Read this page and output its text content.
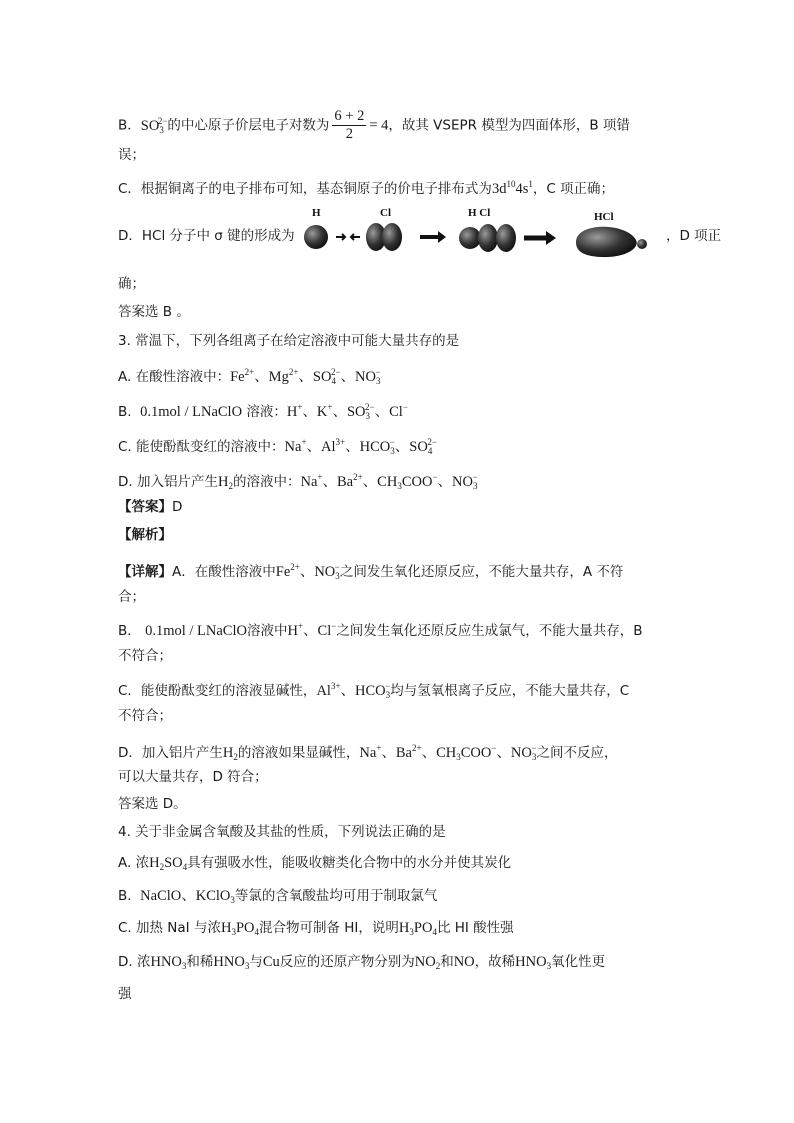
B．$SO_3^{2-}$的中心原子价层电子对数为 $\frac{6 + 2}{2} = 4$，故其 VSEPR 模型为四面体形，B 项错
误；
C．根据铜离子的电子排布可知，基态铜原子的价电子排布式为$3d^{10}4s^1$，C 项正确；
D．HCl 分子中 σ 键的形成为
H	Cl	H Cl	HCl
，D 项正
确；
答案选 B 。
3. 常温下，下列各组离子在给定溶液中可能大量共存的是
A. 在酸性溶液中：$Fe^{2+}$、$Mg^{2+}$、$SO_4^{2-}$、$NO_3^-$
B. 0.1mol / LNaClO 溶液：H+、K+、$SO_3^{2-}$、Cl−
C. 能使酚酞变红的溶液中：Na+、$Al^{3+}$、$HCO_3^-$、$SO_4^{2-}$
D. 加入铝片产生$H_2$的溶液中：Na+、$Ba^{2+}$、$CH_3COO^-$、$NO_3^-$
【答案】D
【解析】
【详解】A．在酸性溶液中$Fe^{2+}$、$NO_3^-$之间发生氧化还原反应，不能大量共存，A 不符
合；
B． 0.1mol / LNaClO溶液中H+、Cl−之间发生氧化还原反应生成氯气，不能大量共存，B
不符合；
C．能使酚酞变红的溶液显碱性，$Al^{3+}$、$HCO_3^-$均与氢氧根离子反应，不能大量共存，C
不符合；
D．加入铝片产生$H_2$的溶液如果显碱性，Na+、$Ba^{2+}$、$CH_3COO^-$、$NO_3^-$之间不反应，
可以大量共存，D 符合；
答案选 D。
4. 关于非金属含氧酸及其盐的性质，下列说法正确的是
A. 浓$H_2SO_4$具有强吸水性，能吸收糖类化合物中的水分并使其炭化
B. NaClO、KClO$_3$等氯的含氧酸盐均可用于制取氯气
C. 加热 NaI 与浓$H_3PO_4$混合物可制备 HI，说明$H_3PO_4$比 HI 酸性强
D. 浓$HNO_3$和稀$HNO_3$与Cu反应的还原产物分别为$NO_2$和NO，故稀$HNO_3$氧化性更
强
